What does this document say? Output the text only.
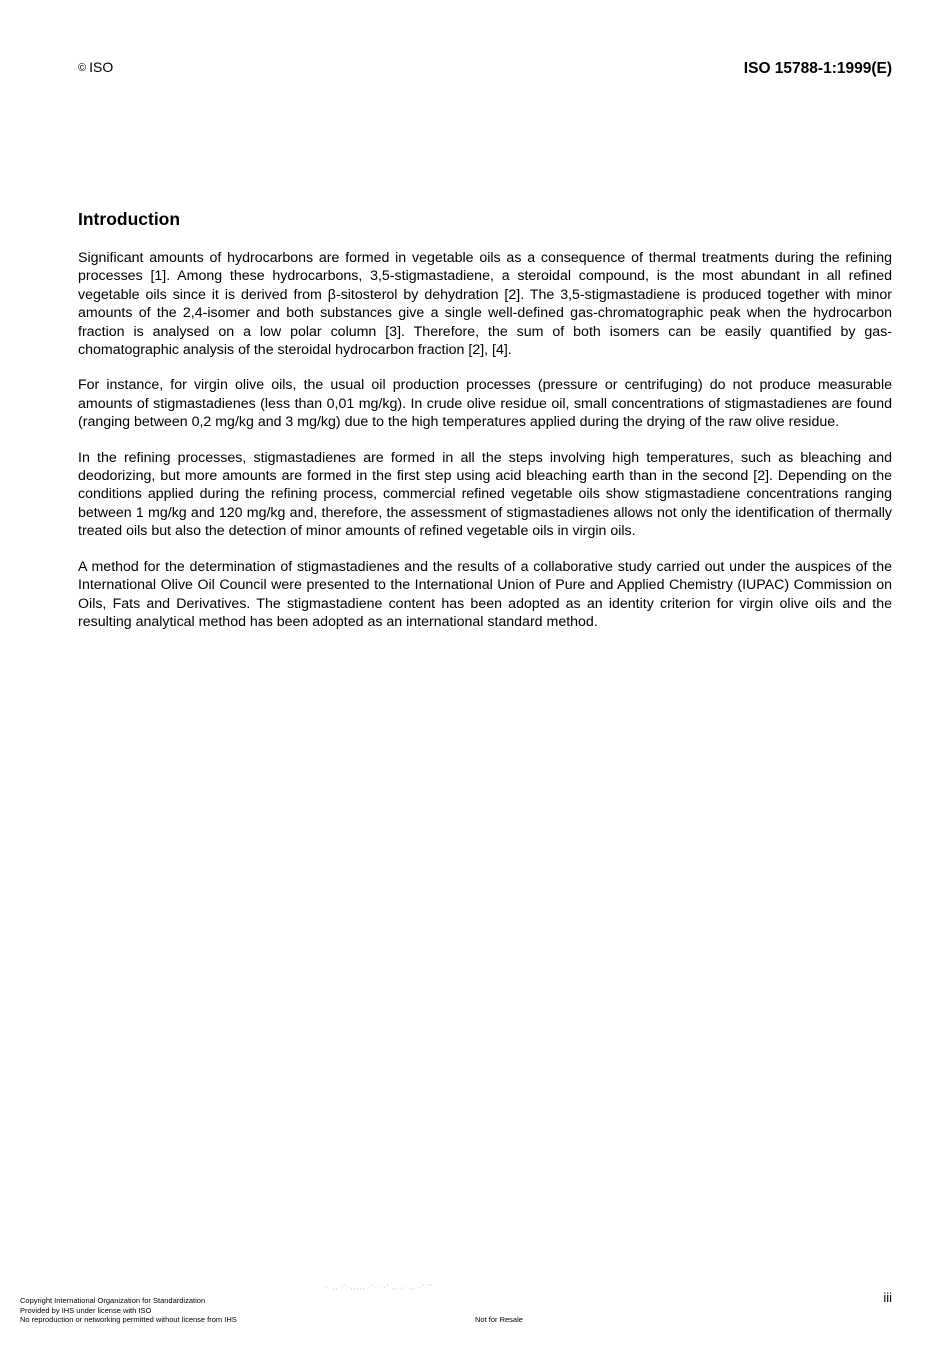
© ISO	ISO 15788-1:1999(E)
Introduction

Significant amounts of hydrocarbons are formed in vegetable oils as a consequence of thermal treatments during the refining processes [1]. Among these hydrocarbons, 3,5-stigmastadiene, a steroidal compound, is the most abundant in all refined vegetable oils since it is derived from β-sitosterol by dehydration [2]. The 3,5-stigmastadiene is produced together with minor amounts of the 2,4-isomer and both substances give a single well-defined gas-chromatographic peak when the hydrocarbon fraction is analysed on a low polar column [3]. Therefore, the sum of both isomers can be easily quantified by gas-chomatographic analysis of the steroidal hydrocarbon fraction [2], [4].

For instance, for virgin olive oils, the usual oil production processes (pressure or centrifuging) do not produce measurable amounts of stigmastadienes (less than 0,01 mg/kg). In crude olive residue oil, small concentrations of stigmastadienes are found (ranging between 0,2 mg/kg and 3 mg/kg) due to the high temperatures applied during the drying of the raw olive residue.

In the refining processes, stigmastadienes are formed in all the steps involving high temperatures, such as bleaching and deodorizing, but more amounts are formed in the first step using acid bleaching earth than in the second [2]. Depending on the conditions applied during the refining process, commercial refined vegetable oils show stigmastadiene concentrations ranging between 1 mg/kg and 120 mg/kg and, therefore, the assessment of stigmastadienes allows not only the identification of thermally treated oils but also the detection of minor amounts of refined vegetable oils in virgin oils.

A method for the determination of stigmastadienes and the results of a collaborative study carried out under the auspices of the International Olive Oil Council were presented to the International Union of Pure and Applied Chemistry (IUPAC) Commission on Oils, Fats and Derivatives. The stigmastadiene content has been adopted as an identity criterion for virgin olive oils and the resulting analytical method has been adopted as an international standard method.

·· ,, ·'·,,,,, ·'·· ·' ,, ,· ,, ·'·''
iii
Copyright International Organization for Standardization
Provided by IHS under license with ISO
No reproduction or networking permitted without license from IHS	Not for Resale
